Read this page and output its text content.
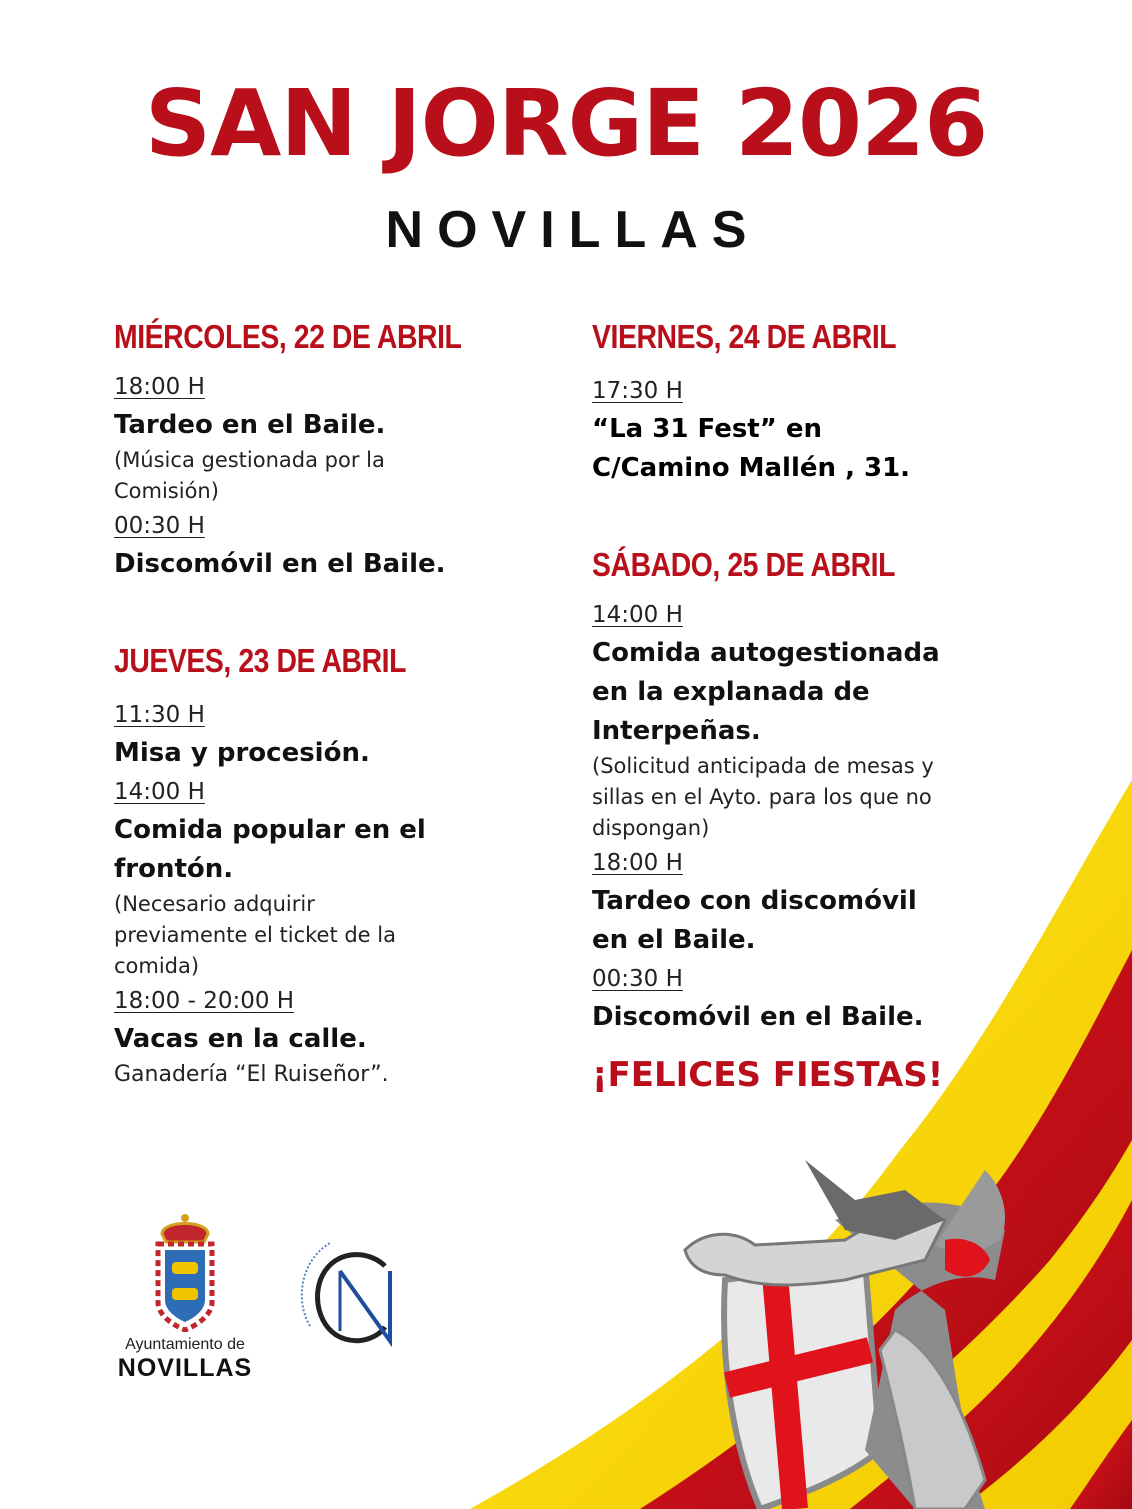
SAN JORGE 2026
NOVILLAS
MIÉRCOLES, 22 DE ABRIL
18:00 H
Tardeo en el Baile.
(Música gestionada por la Comisión)
00:30 H
Discomóvil en el Baile.
JUEVES, 23 DE ABRIL
11:30 H
Misa y procesión.
14:00 H
Comida popular en el frontón.
(Necesario adquirir previamente el ticket de la comida)
18:00 - 20:00 H
Vacas en la calle.
Ganadería “El Ruiseñor”.
VIERNES, 24 DE ABRIL
17:30 H
“La 31 Fest” en C/Camino Mallén , 31.
SÁBADO, 25 DE ABRIL
14:00 H
Comida autogestionada en la explanada de Interpeñas.
(Solicitud anticipada de mesas y sillas en el Ayto. para los que no dispongan)
18:00 H
Tardeo con discomóvil en el Baile.
00:30 H
Discomóvil en el Baile.
¡FELICES FIESTAS!
Ayuntamiento de
NOVILLAS
